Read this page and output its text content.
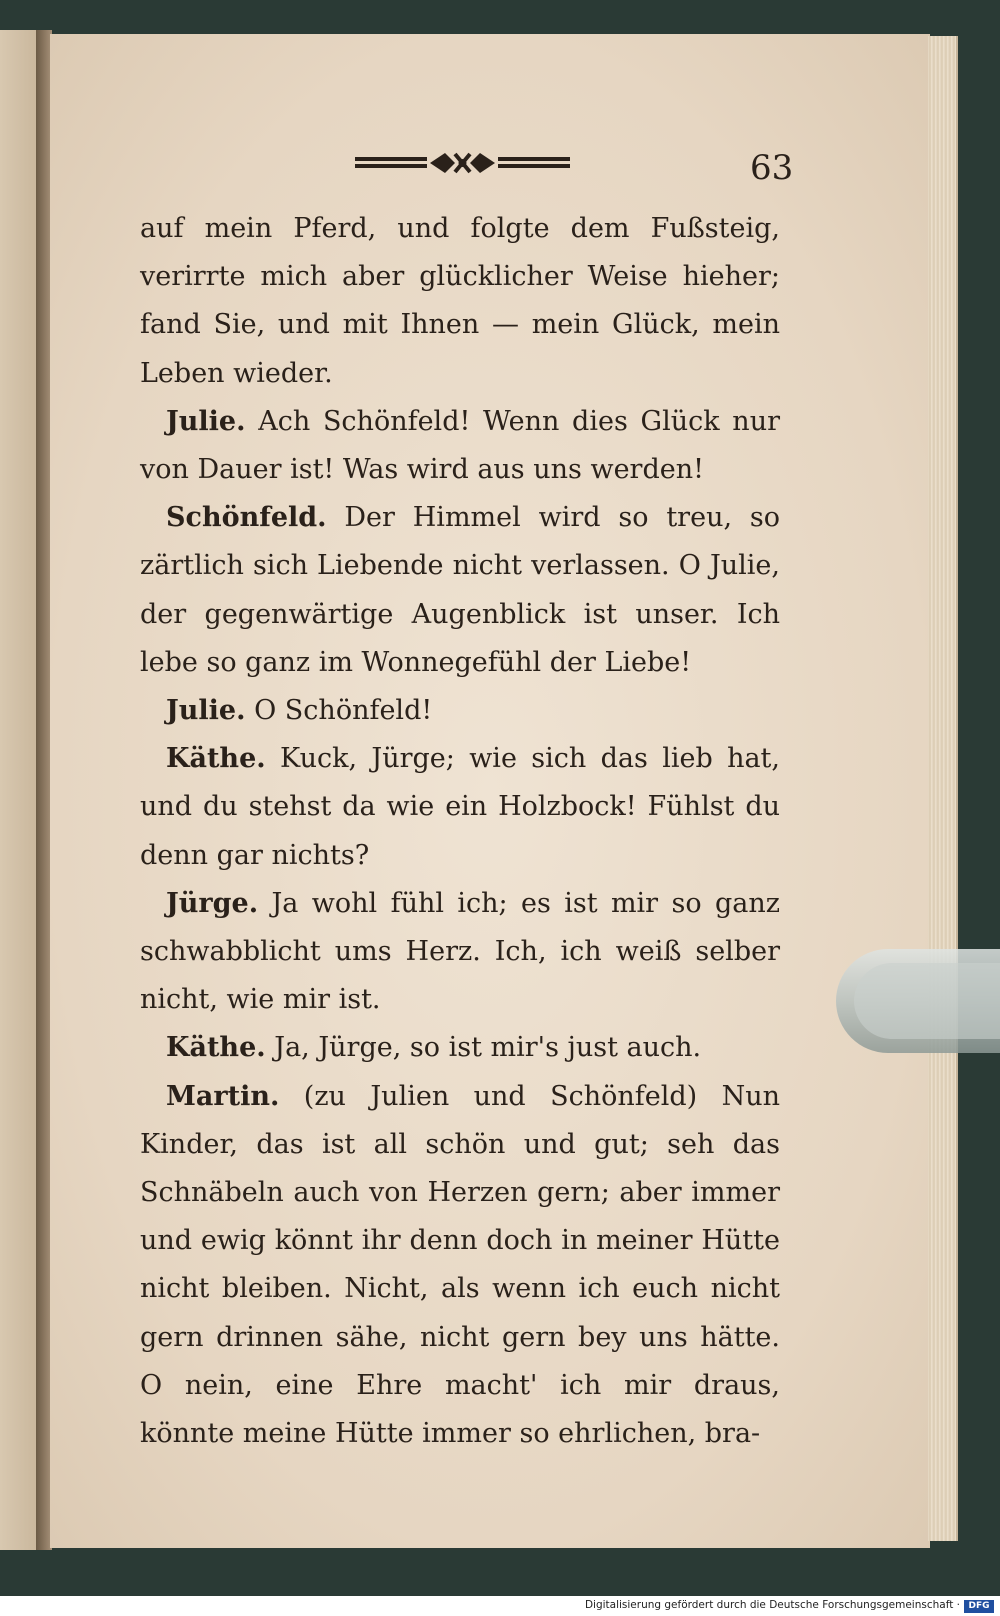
63

auf mein Pferd, und folgte dem Fußsteig, verirrte mich aber glücklicher Weise hieher; fand Sie, und mit Ihnen — mein Glück, mein Leben wieder.

Julie. Ach Schönfeld! Wenn dies Glück nur von Dauer ist! Was wird aus uns werden!

Schönfeld. Der Himmel wird so treu, so zärtlich sich Liebende nicht verlassen. O Julie, der gegenwärtige Augenblick ist unser. Ich lebe so ganz im Wonnegefühl der Liebe!

Julie. O Schönfeld!

Käthe. Kuck, Jürge; wie sich das lieb hat, und du stehst da wie ein Holzbock! Fühlst du denn gar nichts?

Jürge. Ja wohl fühl ich; es ist mir so ganz schwabblicht ums Herz. Ich, ich weiß selber nicht, wie mir ist.

Käthe. Ja, Jürge, so ist mir's just auch.

Martin. (zu Julien und Schönfeld) Nun Kinder, das ist all schön und gut; seh das Schnäbeln auch von Herzen gern; aber immer und ewig könnt ihr denn doch in meiner Hütte nicht bleiben. Nicht, als wenn ich euch nicht gern drinnen sähe, nicht gern bey uns hätte. O nein, eine Ehre macht' ich mir draus, könnte meine Hütte immer so ehrlichen, bra-

Digitalisierung gefördert durch die Deutsche Forschungsgemeinschaft · DFG
